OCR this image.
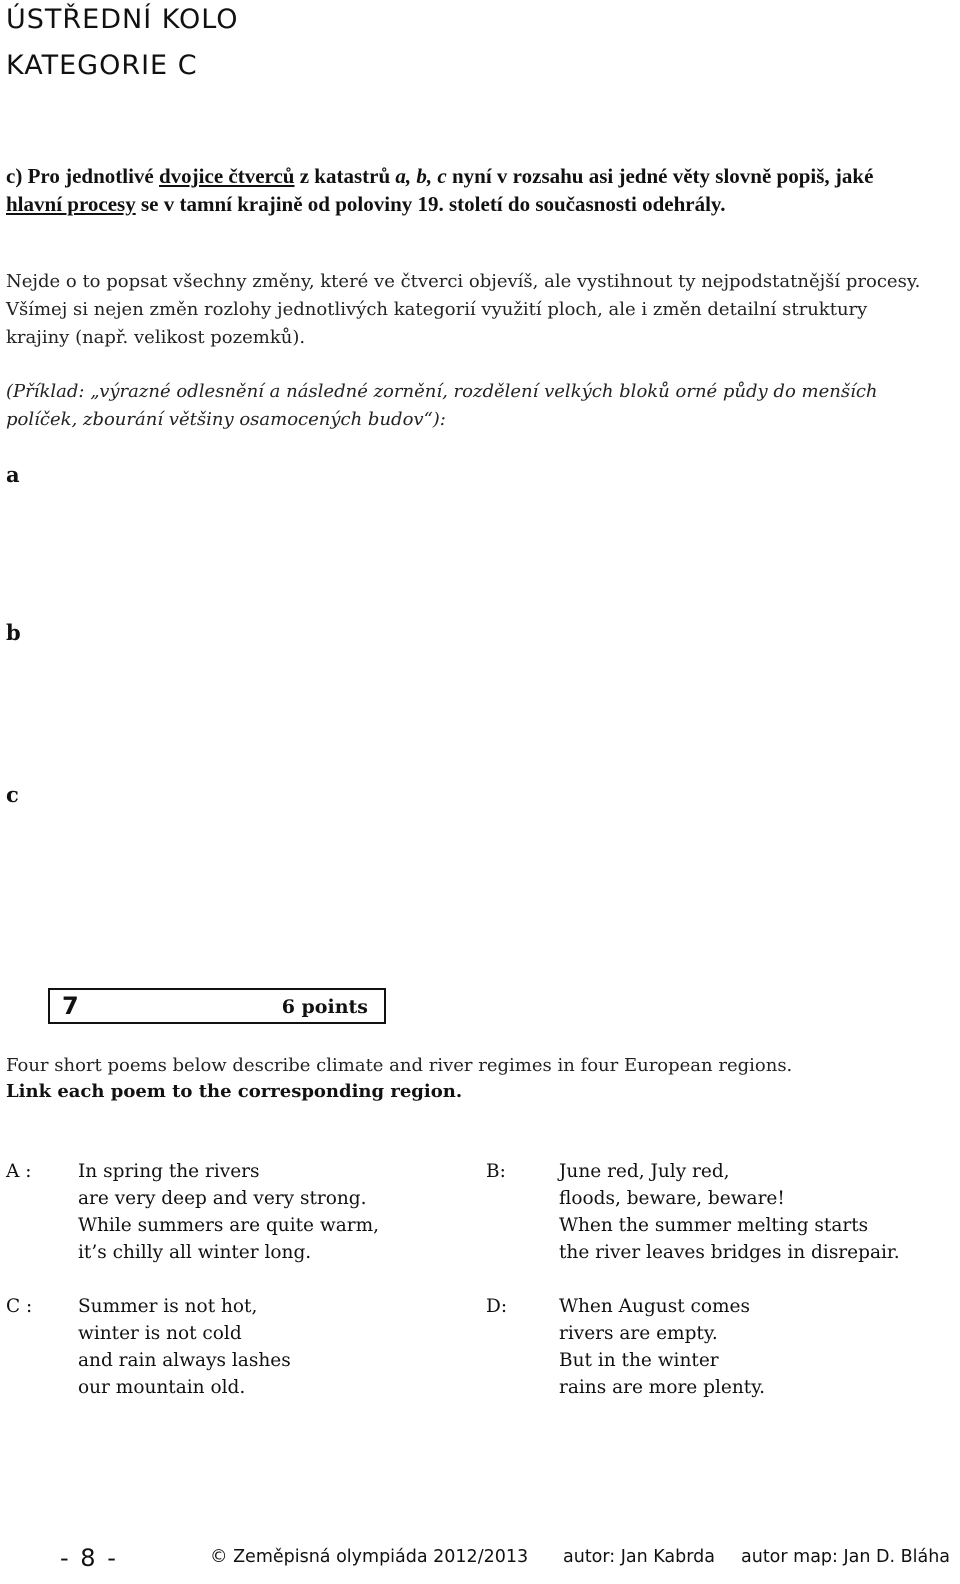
ÚSTŘEDNÍ KOLO
KATEGORIE C
c) Pro jednotlivé dvojice čtverců z katastrů a, b, c nyní v rozsahu asi jedné věty slovně popiš, jaké hlavní procesy se v tamní krajině od poloviny 19. století do současnosti odehrály.
Nejde o to popsat všechny změny, které ve čtverci objevíš, ale vystihnout ty nejpodstatnější procesy. Všímej si nejen změn rozlohy jednotlivých kategorií využití ploch, ale i změn detailní struktury krajiny (např. velikost pozemků).
(Příklad: „výrazné odlesnění a následné zornění, rozdělení velkých bloků orné půdy do menších políček, zbourání většiny osamocených budov“):
a
b
c
7	6 points
Four short poems below describe climate and river regimes in four European regions.
Link each poem to the corresponding region.
A :	In spring the rivers
are very deep and very strong.
While summers are quite warm,
it’s chilly all winter long.
B:	June red, July red,
floods, beware, beware!
When the summer melting starts
the river leaves bridges in disrepair.
C : Summer is not hot,
winter is not cold
and rain always lashes
our mountain old.
D:	When August comes
rivers are empty.
But in the winter
rains are more plenty.
- 8 -	© Zeměpisná olympiáda 2012/2013 autor: Jan Kabrda autor map: Jan D. Bláha
